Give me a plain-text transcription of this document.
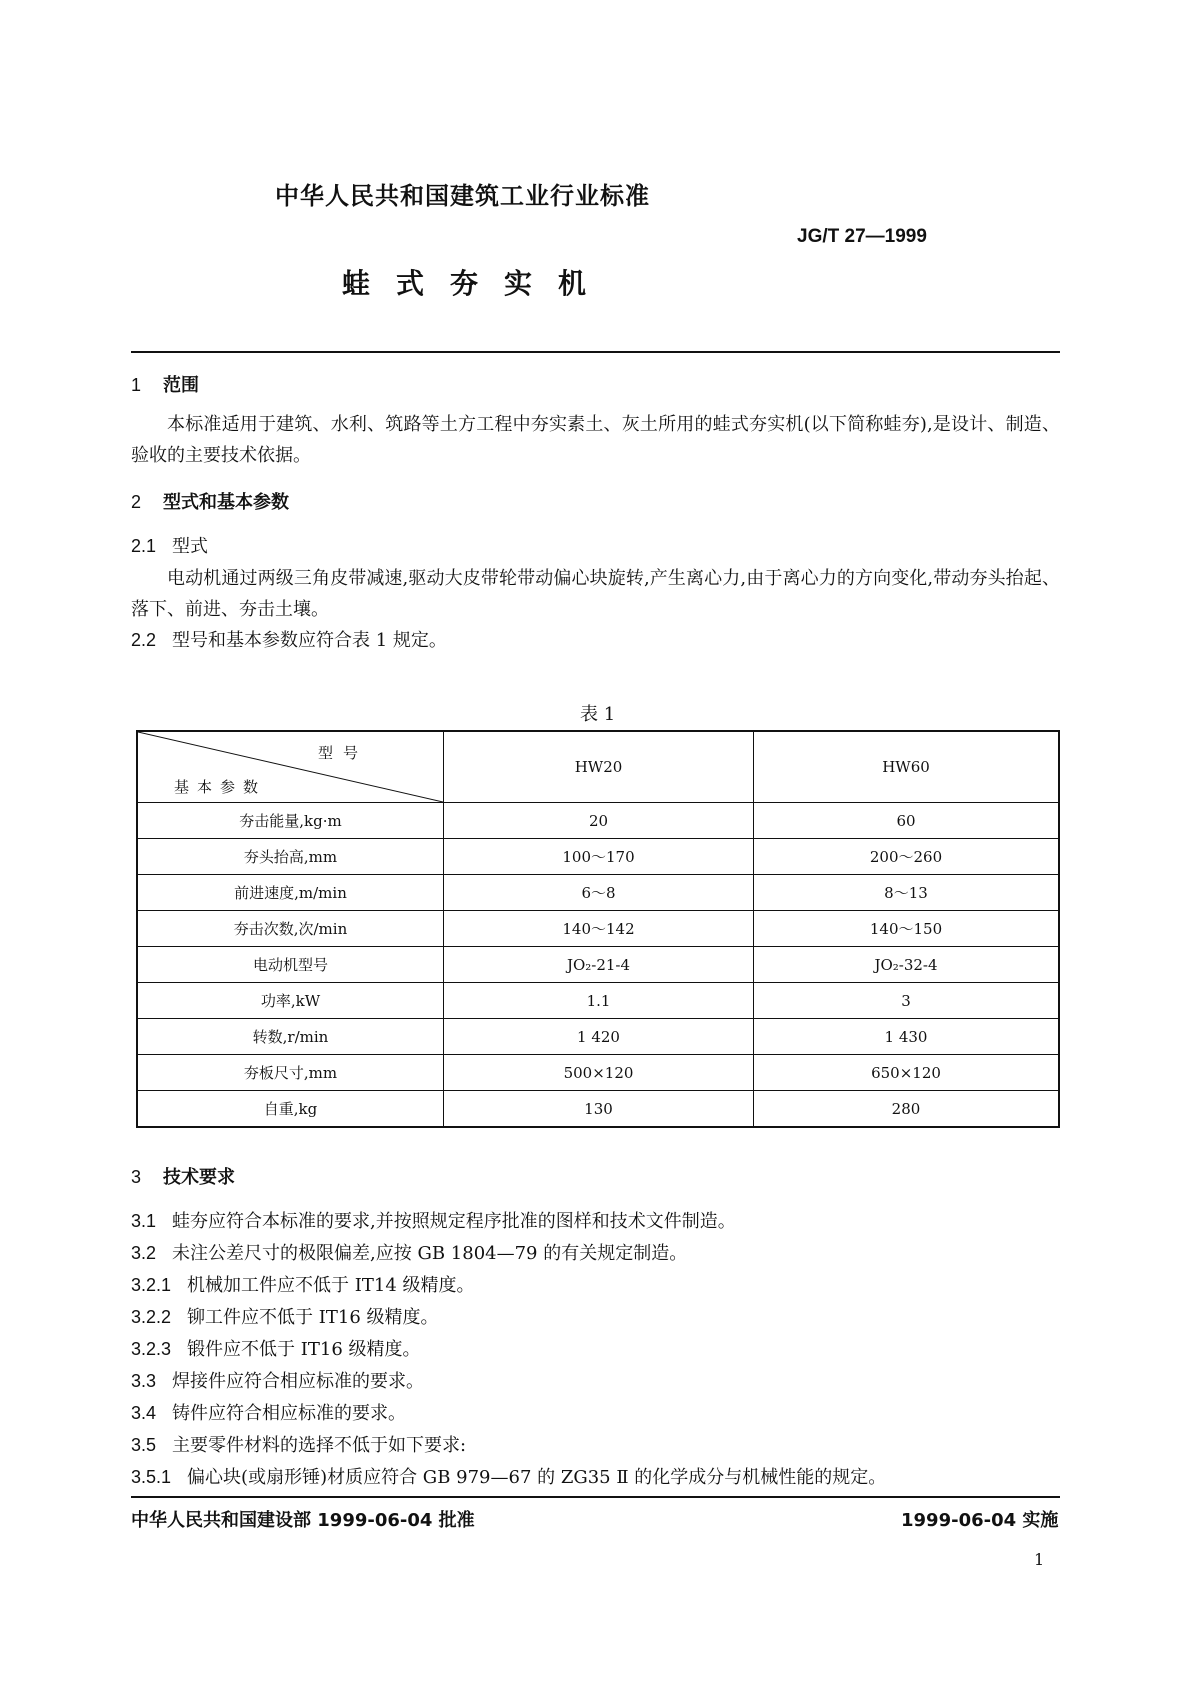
中华人民共和国建筑工业行业标准
JG/T 27—1999
蛙式夯实机
1 范围
本标准适用于建筑、水利、筑路等土方工程中夯实素土、灰土所用的蛙式夯实机(以下简称蛙夯),是设计、制造、验收的主要技术依据。
2 型式和基本参数
2.1 型式
电动机通过两级三角皮带减速,驱动大皮带轮带动偏心块旋转,产生离心力,由于离心力的方向变化,带动夯头抬起、落下、前进、夯击土壤。
2.2 型号和基本参数应符合表 1 规定。
表 1
型号
基本参数	HW20	HW60
夯击能量,kg·m	20	60
夯头抬高,mm	100～170	200～260
前进速度,m/min	6～8	8～13
夯击次数,次/min	140～142	140～150
电动机型号	JO₂-21-4	JO₂-32-4
功率,kW	1.1	3
转数,r/min	1 420	1 430
夯板尺寸,mm	500×120	650×120
自重,kg	130	280
3 技术要求
3.1 蛙夯应符合本标准的要求,并按照规定程序批准的图样和技术文件制造。
3.2 未注公差尺寸的极限偏差,应按 GB 1804—79 的有关规定制造。
3.2.1 机械加工件应不低于 IT14 级精度。
3.2.2 铆工件应不低于 IT16 级精度。
3.2.3 锻件应不低于 IT16 级精度。
3.3 焊接件应符合相应标准的要求。
3.4 铸件应符合相应标准的要求。
3.5 主要零件材料的选择不低于如下要求:
3.5.1 偏心块(或扇形锤)材质应符合 GB 979—67 的 ZG35 Ⅱ 的化学成分与机械性能的规定。
中华人民共和国建设部 1999-06-04 批准	1999-06-04 实施
1
